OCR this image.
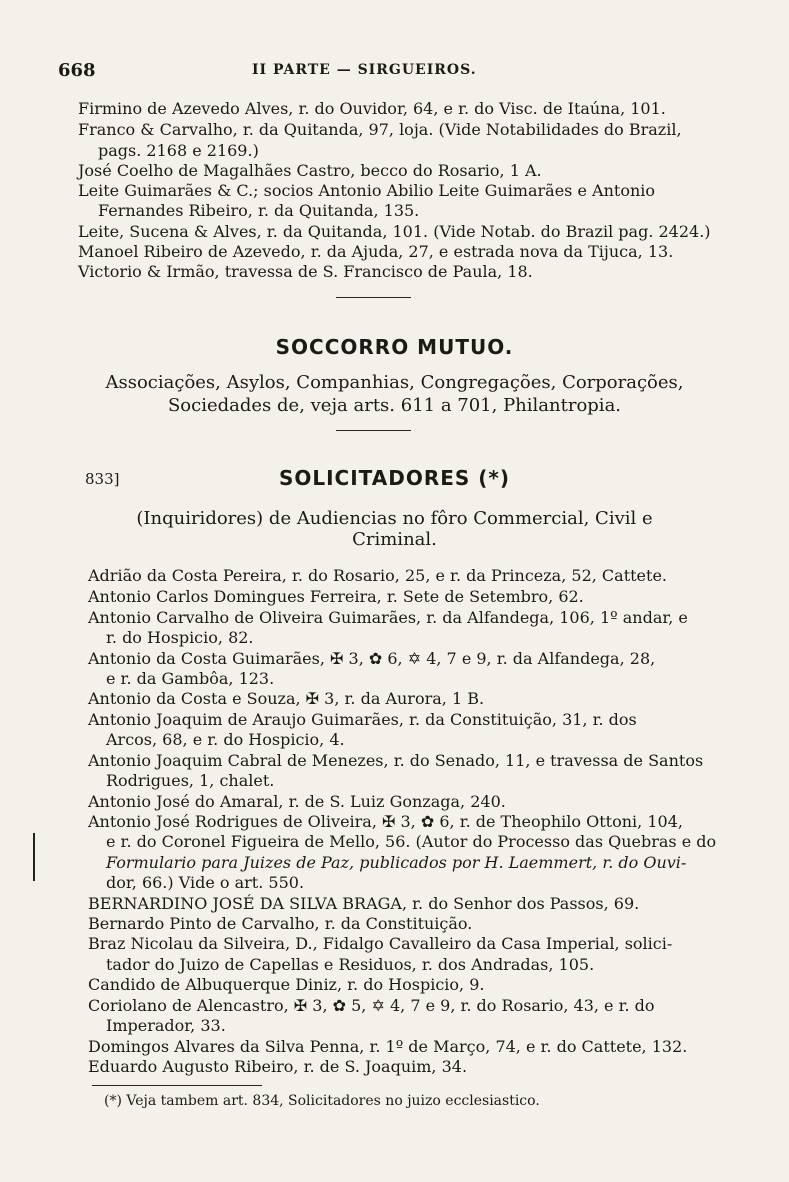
668	II PARTE — SIRGUEIROS.
Firmino de Azevedo Alves, r. do Ouvidor, 64, e r. do Visc. de Itaúna, 101.
Franco & Carvalho, r. da Quitanda, 97, loja. (Vide Notabilidades do Brazil,
pags. 2168 e 2169.)
José Coelho de Magalhães Castro, becco do Rosario, 1 A.
Leite Guimarães & C.; socios Antonio Abilio Leite Guimarães e Antonio
Fernandes Ribeiro, r. da Quitanda, 135.
Leite, Sucena & Alves, r. da Quitanda, 101. (Vide Notab. do Brazil pag. 2424.)
Manoel Ribeiro de Azevedo, r. da Ajuda, 27, e estrada nova da Tijuca, 13.
Victorio & Irmão, travessa de S. Francisco de Paula, 18.
SOCCORRO MUTUO.
Associações, Asylos, Companhias, Congregações, Corporações,
Sociedades de, veja arts. 611 a 701, Philantropia.
833]	SOLICITADORES (*)
(Inquiridores) de Audiencias no fôro Commercial, Civil e
Criminal.
Adrião da Costa Pereira, r. do Rosario, 25, e r. da Princeza, 52, Cattete.
Antonio Carlos Domingues Ferreira, r. Sete de Setembro, 62.
Antonio Carvalho de Oliveira Guimarães, r. da Alfandega, 106, 1º andar, e
r. do Hospicio, 82.
Antonio da Costa Guimarães, ✠ 3, ✿ 6, ✡ 4, 7 e 9, r. da Alfandega, 28,
e r. da Gambôa, 123.
Antonio da Costa e Souza, ✠ 3, r. da Aurora, 1 B.
Antonio Joaquim de Araujo Guimarães, r. da Constituição, 31, r. dos
Arcos, 68, e r. do Hospicio, 4.
Antonio Joaquim Cabral de Menezes, r. do Senado, 11, e travessa de Santos
Rodrigues, 1, chalet.
Antonio José do Amaral, r. de S. Luiz Gonzaga, 240.
Antonio José Rodrigues de Oliveira, ✠ 3, ✿ 6, r. de Theophilo Ottoni, 104,
e r. do Coronel Figueira de Mello, 56. (Autor do Processo das Quebras e do
Formulario para Juizes de Paz, publicados por H. Laemmert, r. do Ouvi-
dor, 66.) Vide o art. 550.
BERNARDINO JOSÉ DA SILVA BRAGA, r. do Senhor dos Passos, 69.
Bernardo Pinto de Carvalho, r. da Constituição.
Braz Nicolau da Silveira, D., Fidalgo Cavalleiro da Casa Imperial, solici-
tador do Juizo de Capellas e Residuos, r. dos Andradas, 105.
Candido de Albuquerque Diniz, r. do Hospicio, 9.
Coriolano de Alencastro, ✠ 3, ✿ 5, ✡ 4, 7 e 9, r. do Rosario, 43, e r. do
Imperador, 33.
Domingos Alvares da Silva Penna, r. 1º de Março, 74, e r. do Cattete, 132.
Eduardo Augusto Ribeiro, r. de S. Joaquim, 34.
(*) Veja tambem art. 834, Solicitadores no juizo ecclesiastico.
